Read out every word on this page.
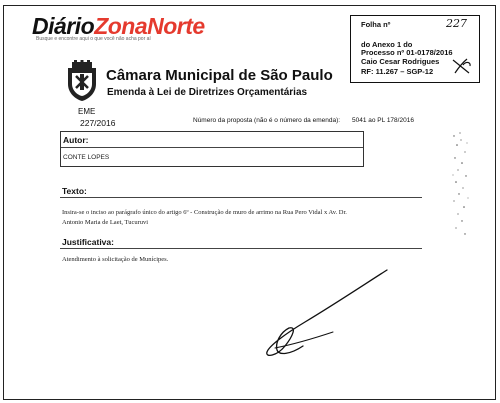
DiárioZonaNorte
Busque e encontre aqui o que você não acha por aí
Folha nº	227
do Anexo 1 do
Processo nº 01-0178/2016
Caio Cesar Rodrigues
RF: 11.267 – SGP-12
Câmara Municipal de São Paulo
Emenda à Lei de Diretrizes Orçamentárias
EME
227/2016	Número da proposta (não é o número da emenda): 5041 ao PL 178/2016
Autor:
CONTE LOPES
Texto:
Insira-se o inciso ao parágrafo único do artigo 6º - Construção de muro de arrimo na Rua Pero Vidal x Av. Dr.
Antonio Maria de Laet, Tucuruvi
Justificativa:
Atendimento à solicitação de Munícipes.
